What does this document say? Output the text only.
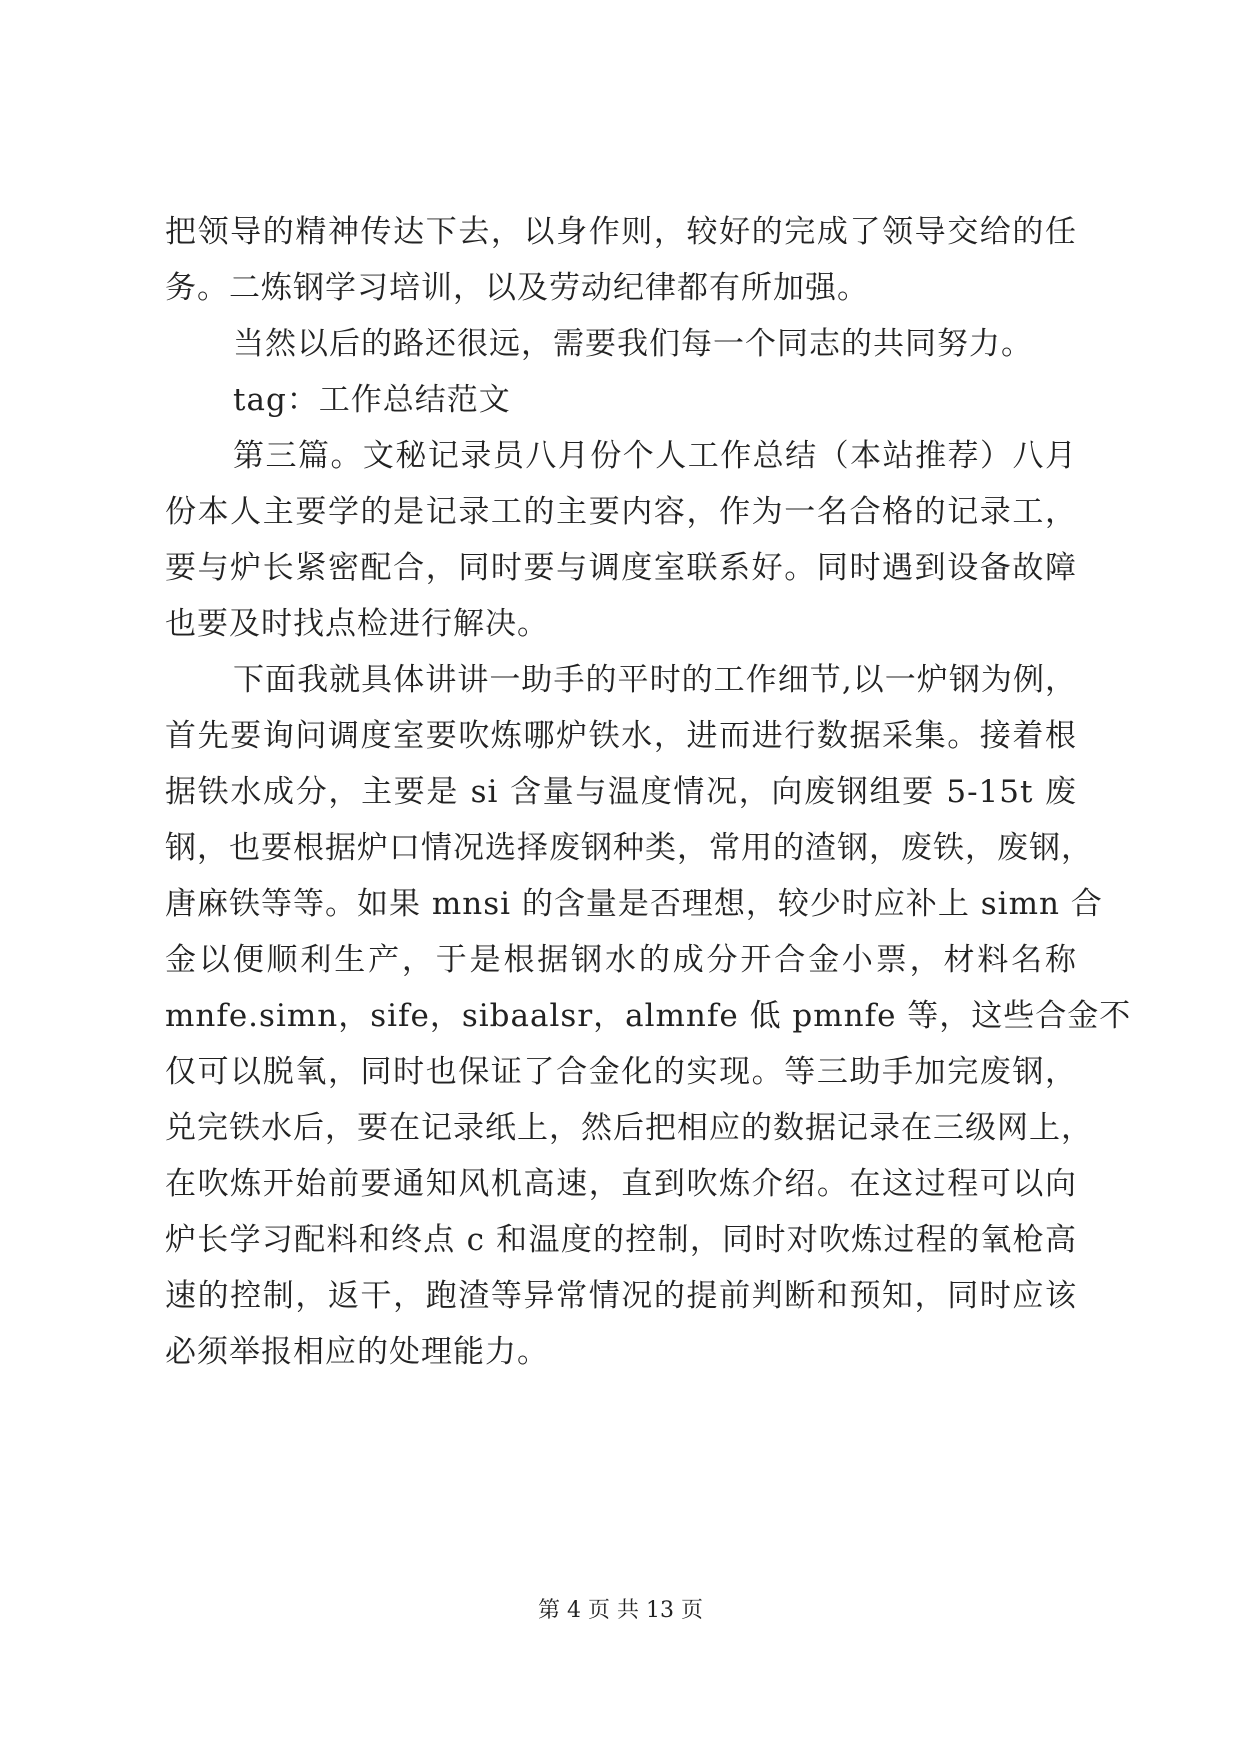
把领导的精神传达下去，以身作则，较好的完成了领导交给的任
务。二炼钢学习培训，以及劳动纪律都有所加强。
当然以后的路还很远，需要我们每一个同志的共同努力。
tag：工作总结范文
第三篇。文秘记录员八月份个人工作总结（本站推荐）八月
份本人主要学的是记录工的主要内容，作为一名合格的记录工，
要与炉长紧密配合，同时要与调度室联系好。同时遇到设备故障
也要及时找点检进行解决。
下面我就具体讲讲一助手的平时的工作细节,以一炉钢为例，
首先要询问调度室要吹炼哪炉铁水，进而进行数据采集。接着根
据铁水成分，主要是 si 含量与温度情况，向废钢组要 5-15t 废
钢，也要根据炉口情况选择废钢种类，常用的渣钢，废铁，废钢，
唐麻铁等等。如果 mnsi 的含量是否理想，较少时应补上 simn 合
金以便顺利生产，于是根据钢水的成分开合金小票，材料名称
mnfe.simn，sife，sibaalsr，almnfe 低 pmnfe 等，这些合金不
仅可以脱氧，同时也保证了合金化的实现。等三助手加完废钢，
兑完铁水后，要在记录纸上，然后把相应的数据记录在三级网上，
在吹炼开始前要通知风机高速，直到吹炼介绍。在这过程可以向
炉长学习配料和终点 c 和温度的控制，同时对吹炼过程的氧枪高
速的控制，返干，跑渣等异常情况的提前判断和预知，同时应该
必须举报相应的处理能力。
第 4 页 共 13 页
